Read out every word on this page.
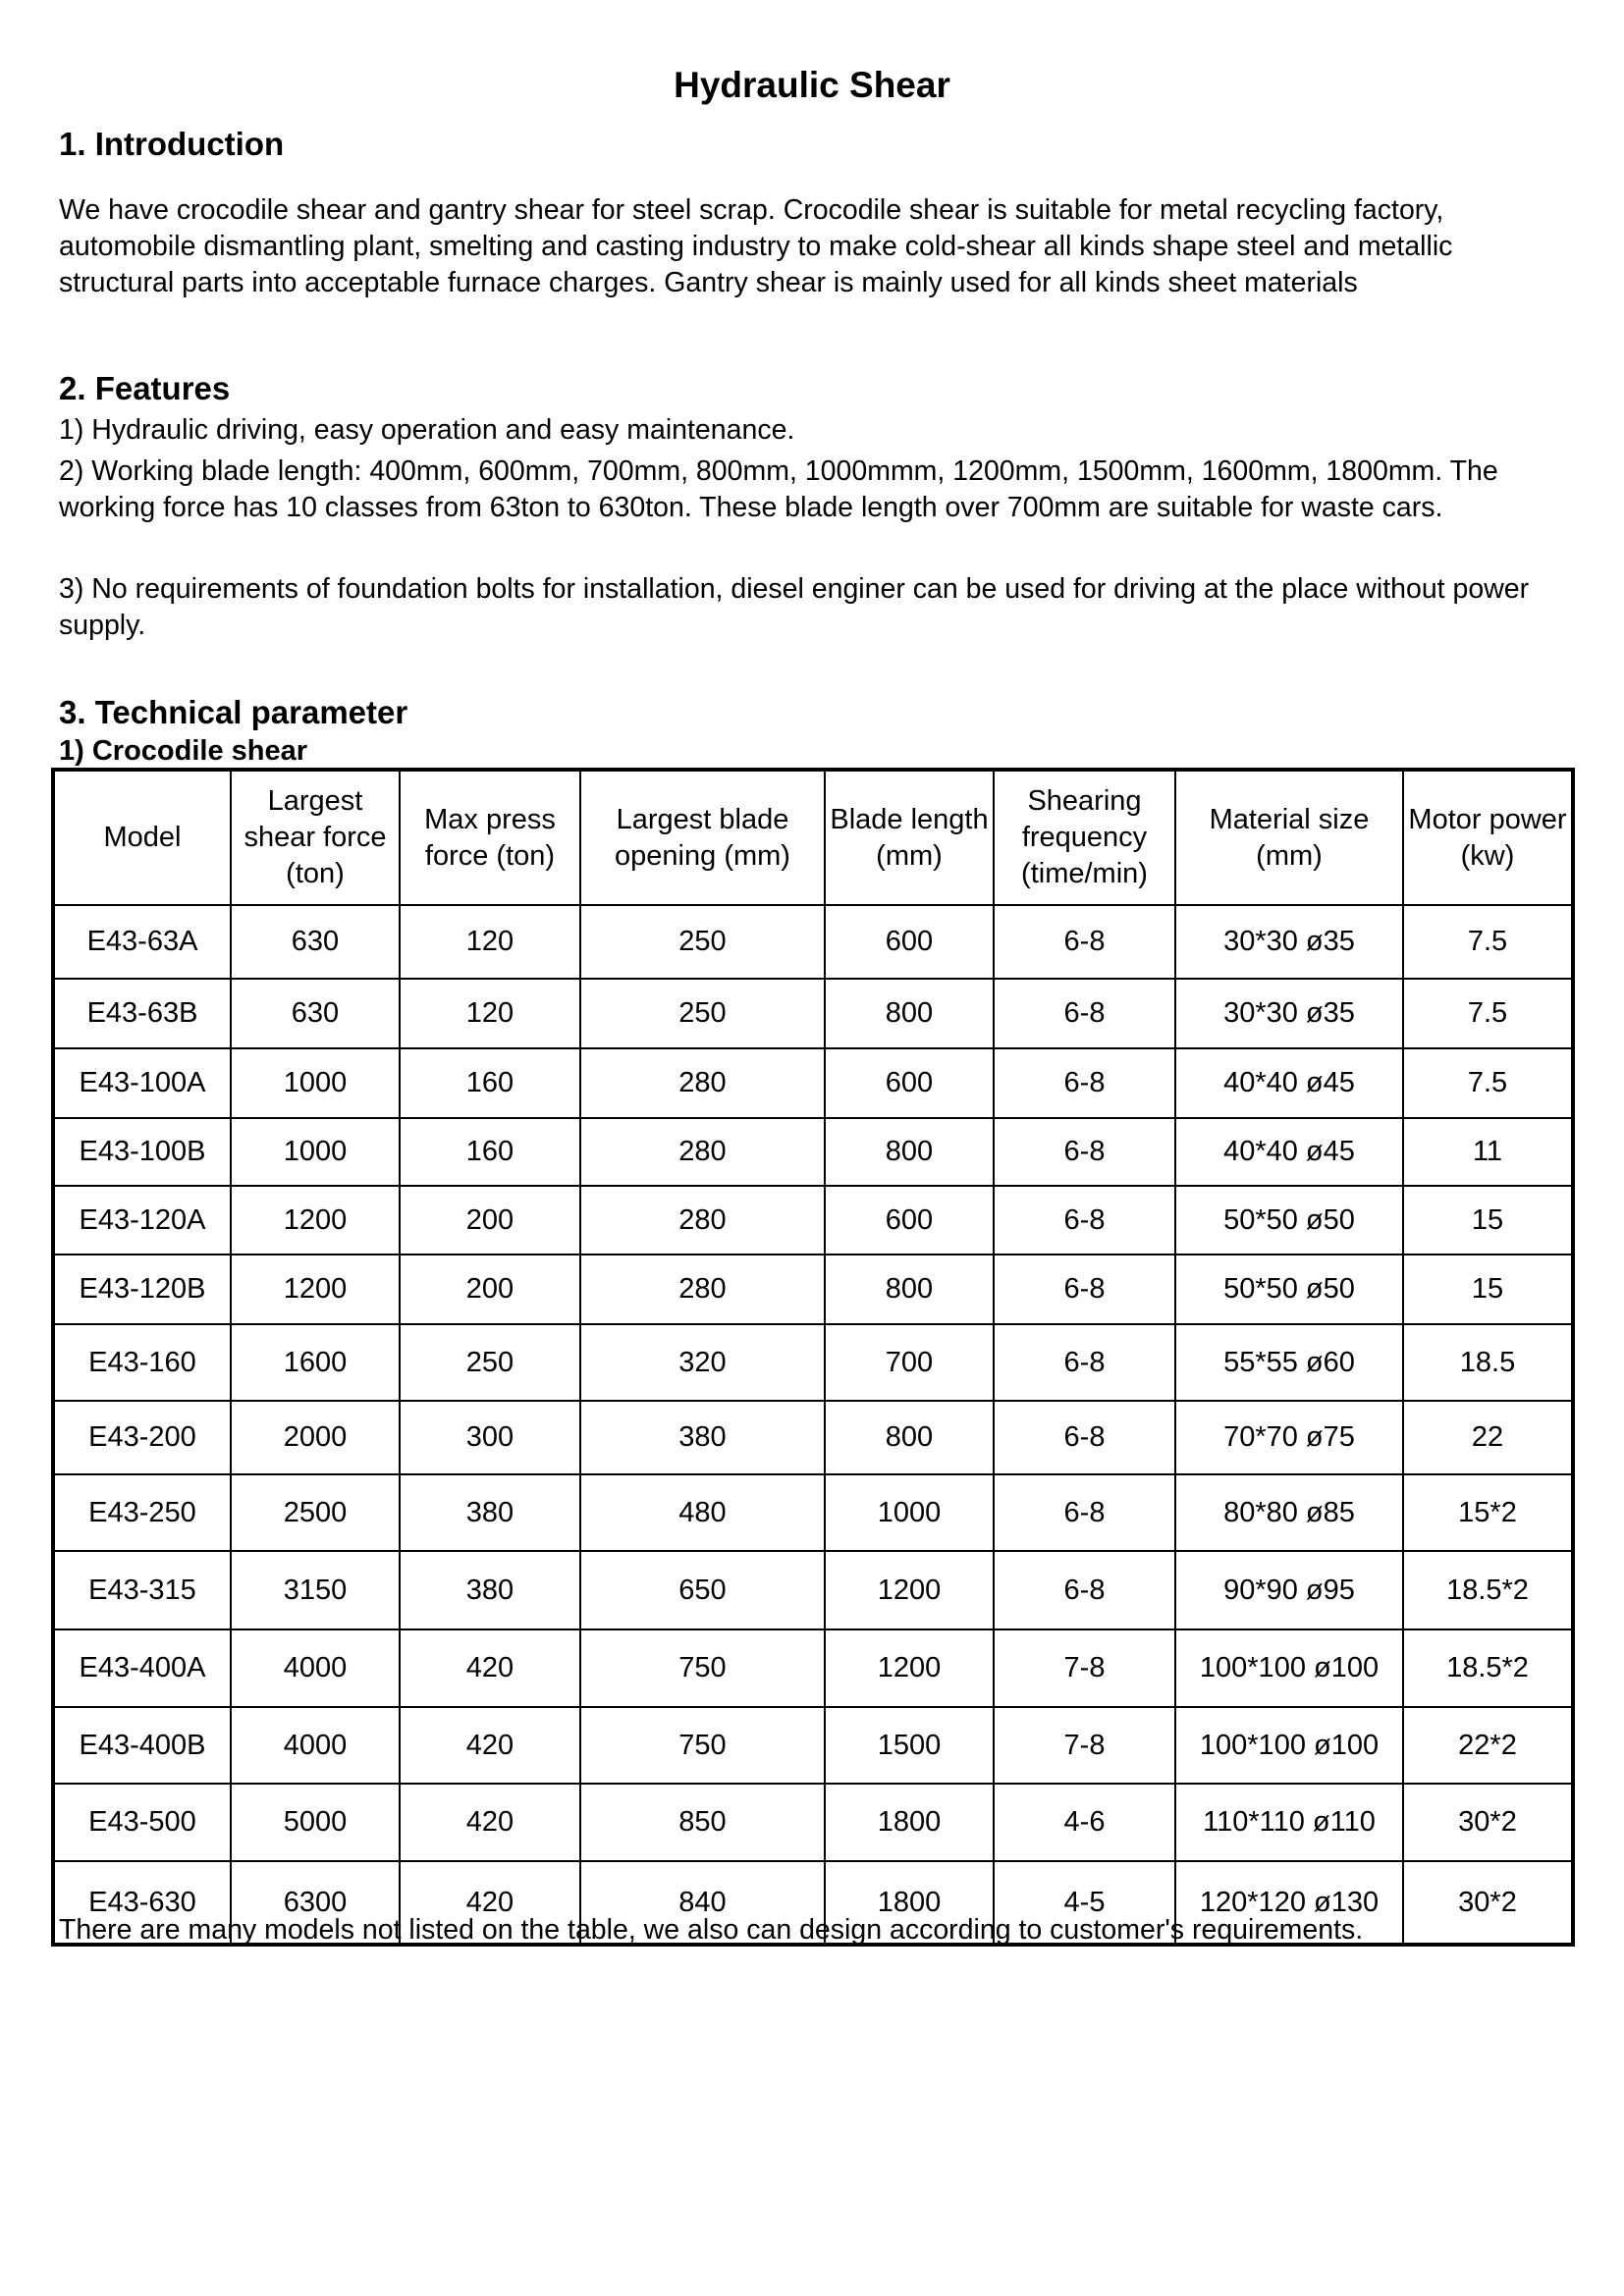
Hydraulic Shear
1. Introduction

We have crocodile shear and gantry shear for steel scrap. Crocodile shear is suitable for metal recycling factory, automobile dismantling plant, smelting and casting industry to make cold-shear all kinds shape steel and metallic structural parts into acceptable furnace charges. Gantry shear is mainly used for all kinds sheet materials

2. Features

1) Hydraulic driving, easy operation and easy maintenance.

2) Working blade length: 400mm, 600mm, 700mm, 800mm, 1000mmm, 1200mm, 1500mm, 1600mm, 1800mm. The working force has 10 classes from 63ton to 630ton. These blade length over 700mm are suitable for waste cars.

3) No requirements of foundation bolts for installation, diesel enginer can be used for driving at the place without power supply.

3. Technical parameter
1) Crocodile shear
Model	Largest shear force (ton)	Max press force (ton)	Largest blade opening (mm)	Blade length (mm)	Shearing frequency (time/min)	Material size (mm)	Motor power (kw)
E43-63A	630	120	250	600	6-8	30*30 ø35	7.5
E43-63B	630	120	250	800	6-8	30*30 ø35	7.5
E43-100A	1000	160	280	600	6-8	40*40 ø45	7.5
E43-100B	1000	160	280	800	6-8	40*40 ø45	11
E43-120A	1200	200	280	600	6-8	50*50 ø50	15
E43-120B	1200	200	280	800	6-8	50*50 ø50	15
E43-160	1600	250	320	700	6-8	55*55 ø60	18.5
E43-200	2000	300	380	800	6-8	70*70 ø75	22
E43-250	2500	380	480	1000	6-8	80*80 ø85	15*2
E43-315	3150	380	650	1200	6-8	90*90 ø95	18.5*2
E43-400A	4000	420	750	1200	7-8	100*100 ø100	18.5*2
E43-400B	4000	420	750	1500	7-8	100*100 ø100	22*2
E43-500	5000	420	850	1800	4-6	110*110 ø110	30*2
E43-630	6300	420	840	1800	4-5	120*120 ø130	30*2
There are many models not listed on the table, we also can design according to customer's requirements.
